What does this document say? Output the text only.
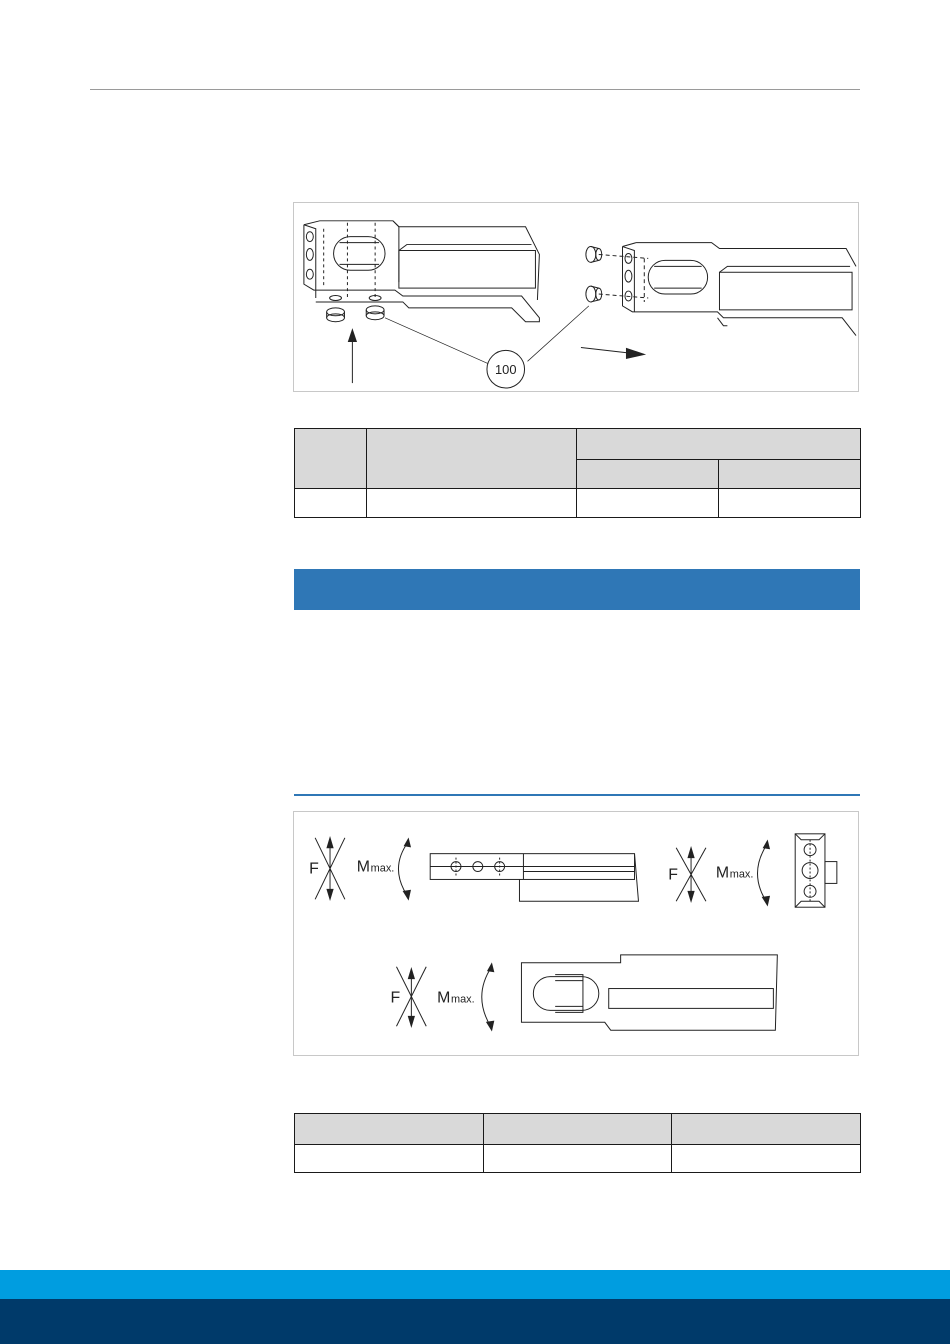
100

F M max.	F M max.
F M max.
